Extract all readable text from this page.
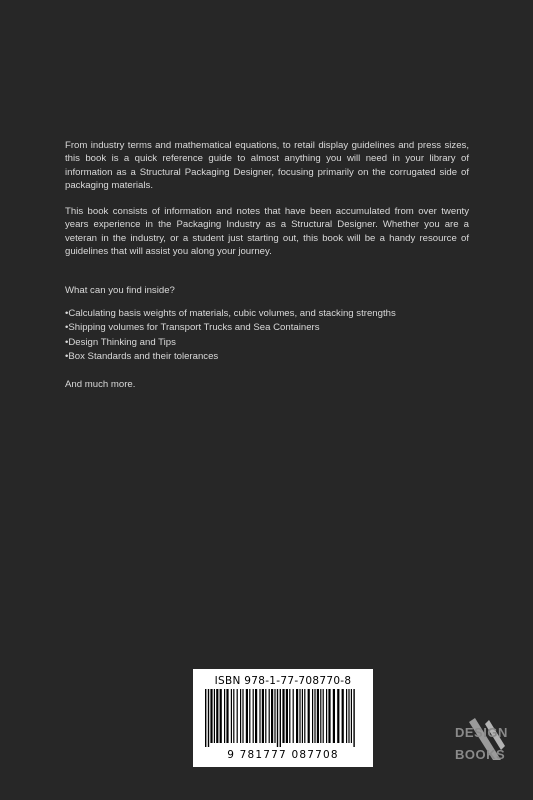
From industry terms and mathematical equations, to retail display guidelines and press sizes, this book is a quick reference guide to almost anything you will need in your library of information as a Structural Packaging Designer, focusing primarily on the corrugated side of packaging materials.
This book consists of information and notes that have been accumulated from over twenty years experience in the Packaging Industry as a Structural Designer. Whether you are a veteran in the industry, or a student just starting out, this book will be a handy resource of guidelines that will assist you along your journey.
What can you find inside?
• Calculating basis weights of materials, cubic volumes, and stacking strengths
• Shipping volumes for Transport Trucks and Sea Containers
• Design Thinking and Tips
• Box Standards and their tolerances
And much more.
ISBN 978-1-77-708770-8
9 781777 087708
DESIGN
BOOKS
